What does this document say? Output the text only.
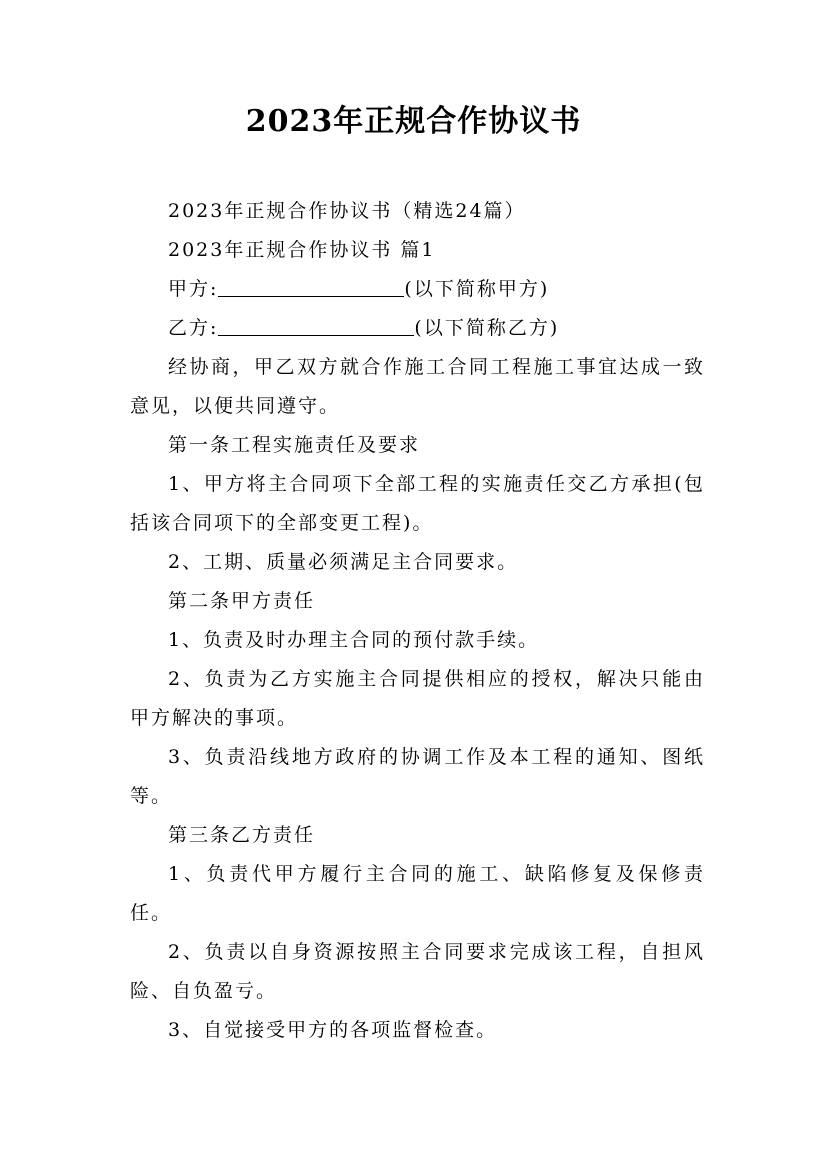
2023年正规合作协议书

2023年正规合作协议书（精选24篇）

2023年正规合作协议书 篇1

甲方:	(以下简称甲方)

乙方:	(以下简称乙方)

经协商，甲乙双方就合作施工合同工程施工事宜达成一致意见，以便共同遵守。

第一条工程实施责任及要求

1、甲方将主合同项下全部工程的实施责任交乙方承担(包括该合同项下的全部变更工程)。

2、工期、质量必须满足主合同要求。

第二条甲方责任

1、负责及时办理主合同的预付款手续。

2、负责为乙方实施主合同提供相应的授权，解决只能由甲方解决的事项。

3、负责沿线地方政府的协调工作及本工程的通知、图纸等。

第三条乙方责任

1、负责代甲方履行主合同的施工、缺陷修复及保修责任。

2、负责以自身资源按照主合同要求完成该工程，自担风险、自负盈亏。

3、自觉接受甲方的各项监督检查。
